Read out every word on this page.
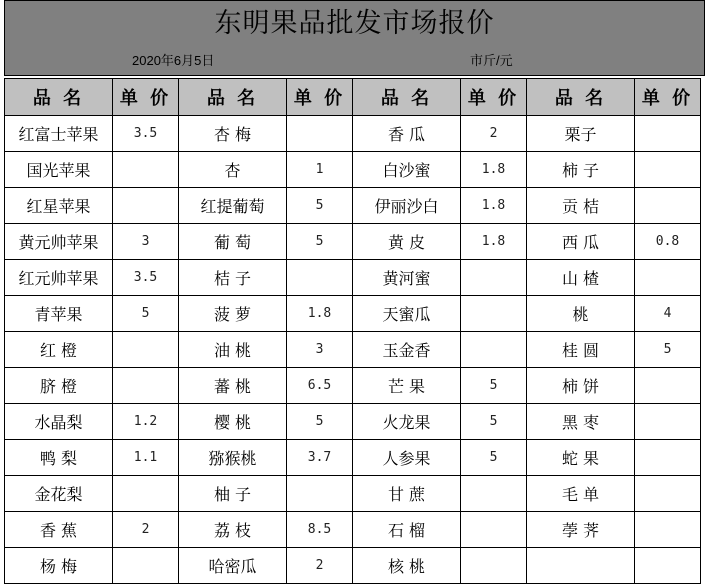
东明果品批发市场报价
2020年6月5日	市斤/元
品 名	单 价	品 名	单 价	品 名	单 价	品 名	单 价
红富士苹果	3.5	杏 梅		香 瓜	2	栗子	
国光苹果		杏	1	白沙蜜	1.8	柿 子	
红星苹果		红提葡萄	5	伊丽沙白	1.8	贡 桔	
黄元帅苹果	3	葡 萄	5	黄 皮	1.8	西 瓜	0.8
红元帅苹果	3.5	桔 子		黄河蜜		山 楂	
青苹果	5	菠 萝	1.8	天蜜瓜		桃	4
红 橙		油 桃	3	玉金香		桂 圆	5
脐 橙		蕃 桃	6.5	芒 果	5	柿 饼	
水晶梨	1.2	樱 桃	5	火龙果	5	黑 枣	
鸭 梨	1.1	猕猴桃	3.7	人参果	5	蛇 果	
金花梨		柚 子		甘 蔗		毛 单	
香 蕉	2	荔 枝	8.5	石 榴		荸 荠	
杨 梅		哈密瓜	2	核 桃			
